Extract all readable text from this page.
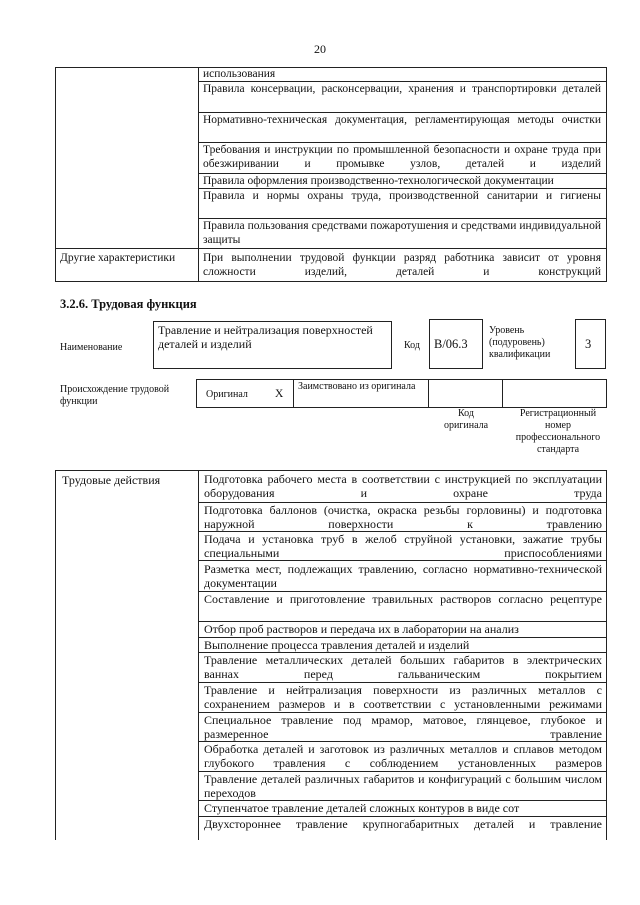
20
использования
Правила консервации, расконсервации, хранения и транспортировки деталей
Нормативно-техническая документация, регламентирующая методы очистки
Требования и инструкции по промышленной безопасности и охране труда при обезжиривании и промывке узлов, деталей и изделий
Правила оформления производственно-технологической документации
Правила и нормы охраны труда, производственной санитарии и гигиены
Правила пользования средствами пожаротушения и средствами индивидуальной защиты
Другие характеристики	При выполнении трудовой функции разряд работника зависит от уровня сложности изделий, деталей и конструкций
3.2.6. Трудовая функция
Наименование
Травление и нейтрализация поверхностей деталей и изделий	Код В/06.3
Уровень (подуровень) квалификации
3
Происхождение трудовой функции
Оригинал X
Заимствовано из оригинала
Код оригинала
Регистрационный номер профессионального стандарта
Трудовые действия	Подготовка рабочего места в соответствии с инструкцией по эксплуатации оборудования и охране труда
Подготовка баллонов (очистка, окраска резьбы горловины) и подготовка наружной поверхности к травлению
Подача и установка труб в желоб струйной установки, зажатие трубы специальными приспособлениями
Разметка мест, подлежащих травлению, согласно нормативно-технической документации
Составление и приготовление травильных растворов согласно рецептуре
Отбор проб растворов и передача их в лаборатории на анализ
Выполнение процесса травления деталей и изделий
Травление металлических деталей больших габаритов в электрических ваннах перед гальваническим покрытием
Травление и нейтрализация поверхности из различных металлов с сохранением размеров и в соответствии с установленными режимами
Специальное травление под мрамор, матовое, глянцевое, глубокое и размеренное травление
Обработка деталей и заготовок из различных металлов и сплавов методом глубокого травления с соблюдением установленных размеров
Травление деталей различных габаритов и конфигураций с большим числом переходов
Ступенчатое травление деталей сложных контуров в виде сот
Двухстороннее травление крупногабаритных деталей и травление
